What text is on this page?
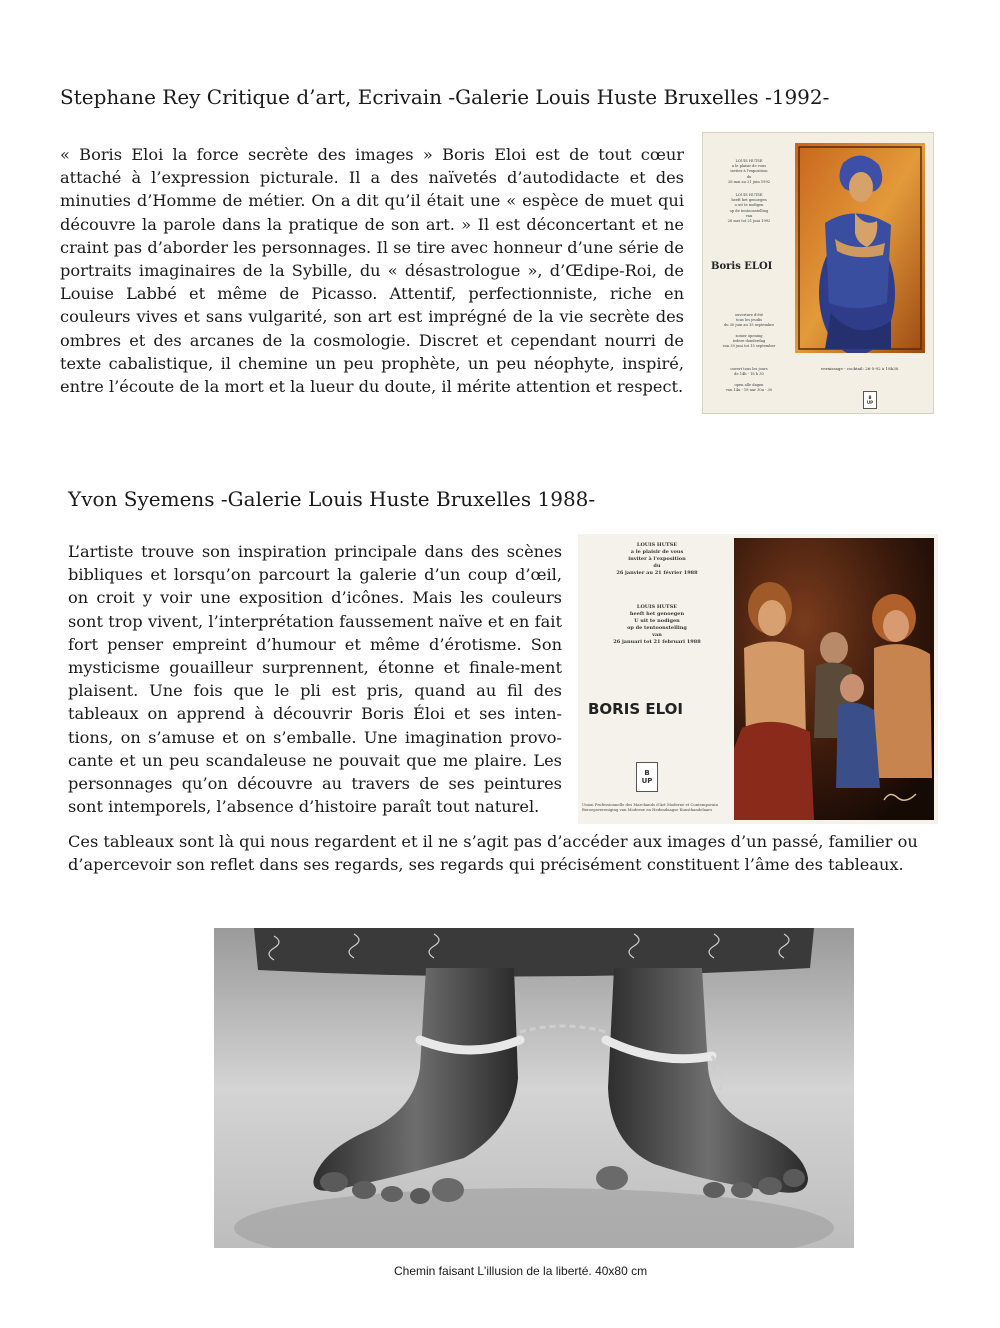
Stephane Rey Critique d’art, Ecrivain -Galerie Louis Huste Bruxelles -1992-
« Boris Eloi la force secrète des images » Boris Eloi est de tout cœur attaché à l’expression picturale. Il a des naïvetés d’autodidacte et des minuties d’Homme de métier. On a dit qu’il était une « espèce de muet qui découvre la parole dans la pratique de son art. » Il est déconcertant et ne craint pas d’aborder les personnages. Il se tire avec honneur d’une série de portraits imaginaires de la Sybille, du « désastrologue », d’Œdipe-Roi, de Louise Labbé et même de Picasso. Attentif, perfectionniste, riche en couleurs vives et sans vulgarité, son art est imprégné de la vie secrète des ombres et des arcanes de la cosmologie. Discret et cependant nourri de texte cabalistique, il chemine un peu prophète, un peu néophyte, inspiré, entre l’écoute de la mort et la lueur du doute, il mérite attention et respect.
LOUIS HUTSE
a le plaisir de vous
inviter à l'exposition
du
26 mai au 21 juin 1992
LOUIS HUTSE
heeft het genoegen
u uit te nodigen
op de tentoonstelling
van
26 mei tot 21 juni 1992
Boris ELOI
ouverture d'été
tous les jeudis
du 30 juin au 15 septembre

zomer opening
iedere donderdag
van 30 juni tot 15 september
ouvert tous les jours
de 14h - 18 h 30

open alle dagen
van 14u - 18 uur 30u - 30
vernissage - cocktail: 26-5-92 à 18h30.
B
UP
Yvon Syemens -Galerie Louis Huste Bruxelles 1988-
L’artiste trouve son inspiration principale dans des scènes bibliques et lorsqu’on parcourt la galerie d’un coup d’œil, on croit y voir une exposition d’icônes. Mais les couleurs sont trop vivent, l’interprétation faussement naïve et en fait fort penser empreint d’humour et même d’érotisme. Son mysticisme gouailleur surprennent, étonne et finale-ment plaisent. Une fois que le pli est pris, quand au fil des tableaux on apprend à découvrir Boris Éloi et ses inten-tions, on s’amuse et on s’emballe. Une imagination provo-cante et un peu scandaleuse ne pouvait que me plaire. Les personnages qu’on découvre au travers de ses peintures sont intemporels, l’absence d’histoire paraît tout naturel.
LOUIS HUTSE
a le plaisir de vous
inviter à l'exposition
du
26 janvier au 21 février 1988
LOUIS HUTSE
heeft het genoegen
U uit te nodigen
op de tentoonstelling
van
26 januari tot 21 februari 1988
BORIS ELOI
B
UP
Union Professionnelle des Marchands d'Art Moderne et Contemporain
Beroepsvereniging van Moderne en Hedendaagse Kunsthandelaars
Ces tableaux sont là qui nous regardent et il ne s’agit pas d’accéder aux images d’un passé, familier ou d’apercevoir son reflet dans ses regards, ses regards qui précisément constituent l’âme des tableaux.
Chemin faisant L'illusion de la liberté. 40x80 cm
